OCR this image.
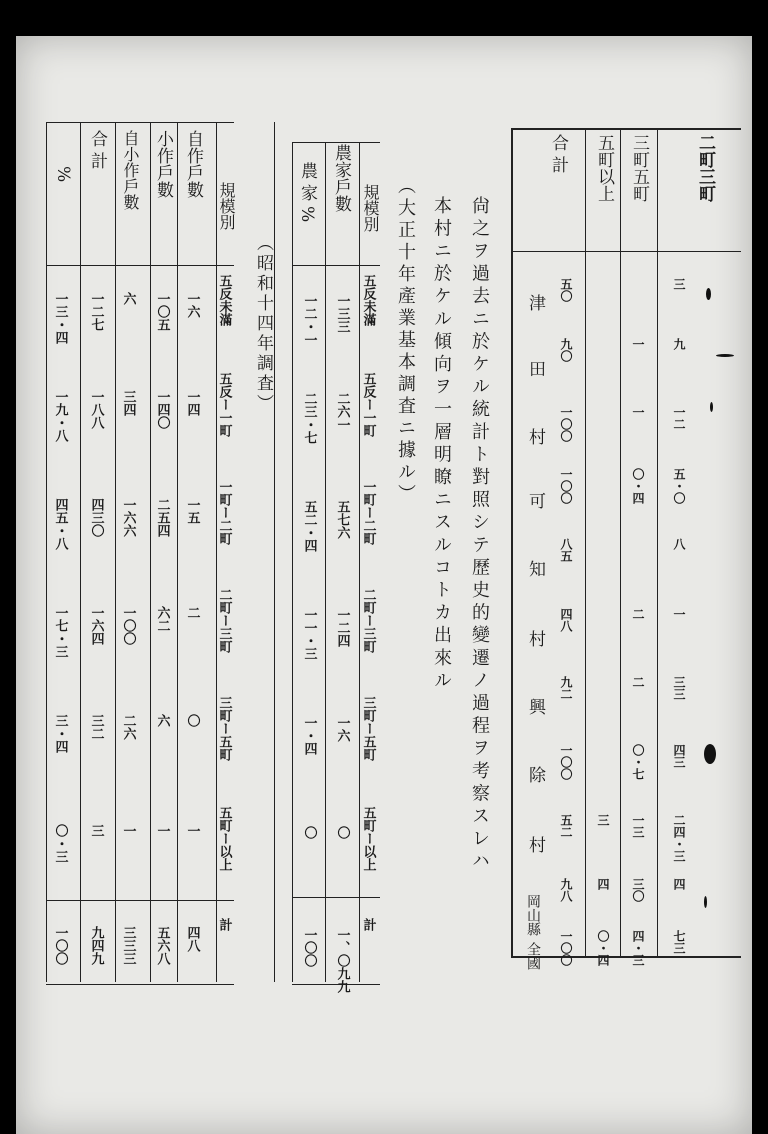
二町三町
三町五町
五町以上
合計
津
田
村
可
知
村
興
除
村
岡山縣
全國
尙之ヲ過去ニ於ケル統計ト對照シテ歷史的變遷ノ過程ヲ考察スレハ
本村ニ於ケル傾向ヲ一層明瞭ニスルコトカ出來ル
（大正十年產業基本調査ニ據ル）
農家戶數
農家%	規模別
（昭和十四年調査）
自作戶數
小作戶數
自小作戶數
合計
%
規模別
三
九
一二
五・〇
八
一
三三
四三
二四・三
四
七三
一
一
〇・四
二
二
〇・七
一三
三〇
四・三
三
四
〇・四
五〇
九〇
一〇〇
一〇〇
八五
四八
九二
一〇〇
五二
九八
一〇〇
一三三
二六一
五七六
一二四
一六
〇
一、〇九九
一二・一
二三・七
五二・四
一一・三
一・四
〇
一〇〇
五反未滿
五反ー一町
一町ー二町
二町ー三町
三町ー五町
五町ー以上
計
一六
一四
一五
二
〇
一
四八
一〇五
一四〇
二五四
六二
六
一
五六八
六
三四
一六六
一〇〇
二六
一
三三三
一二七
一八八
四三〇
一六四
三二
三
九四九
一三・四
一九・八
四五・八
一七・三
三・四
〇・三
一〇〇
五反未滿
五反ー一町
一町ー二町
二町ー三町
三町ー五町
五町ー以上
計
